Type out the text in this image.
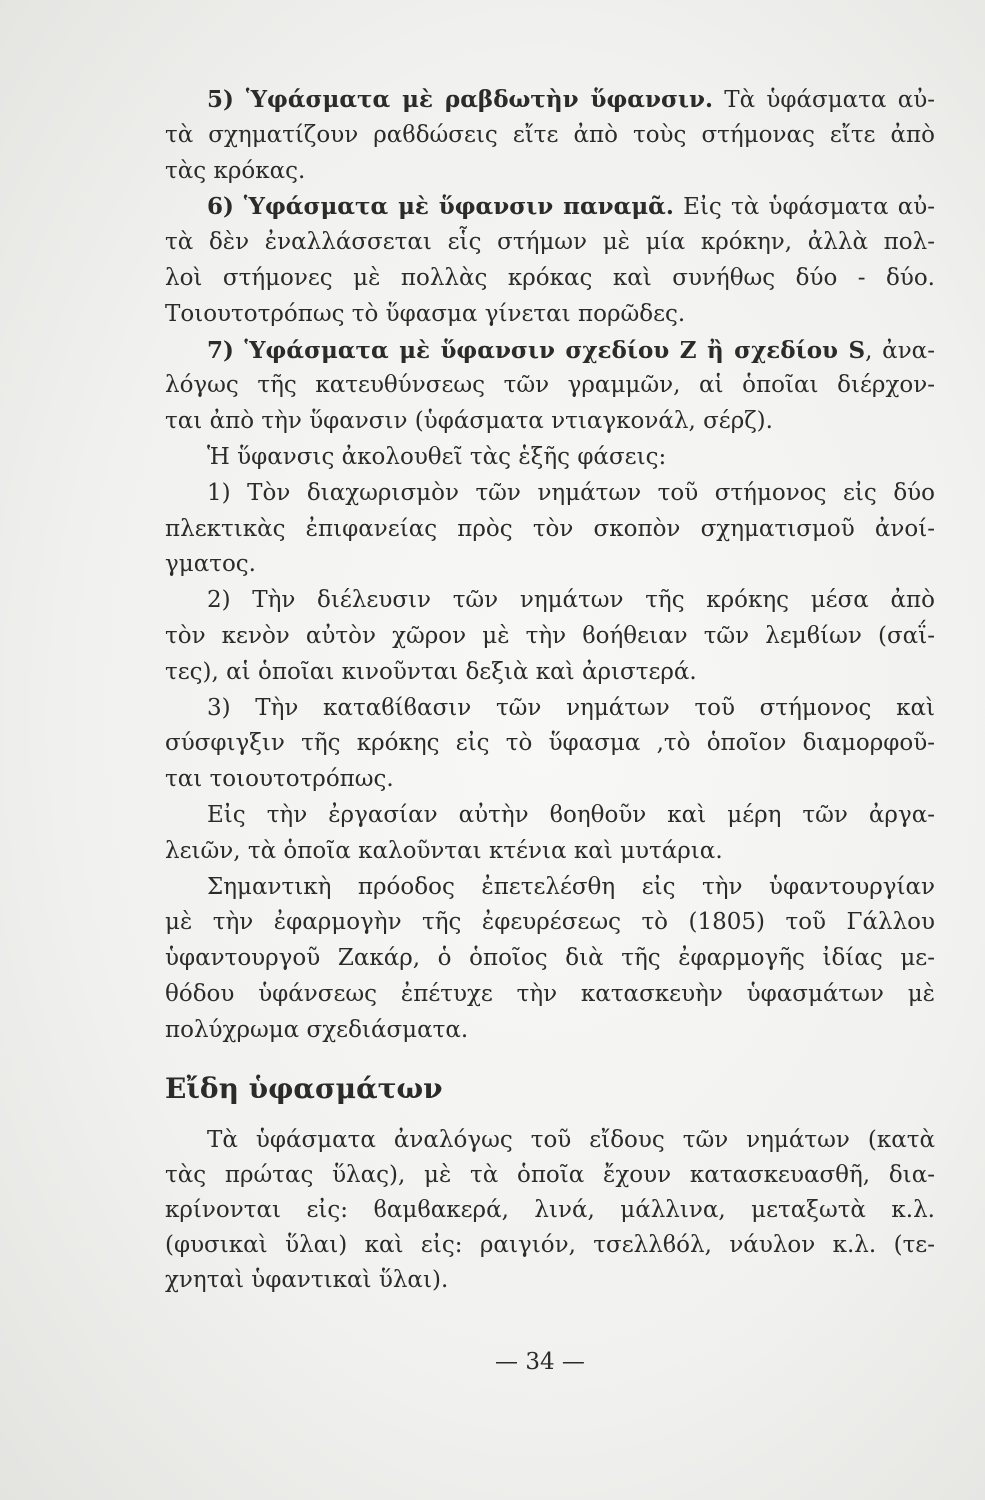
5) Ὑφάσματα μὲ ραβδωτὴν ὕφανσιν. Τὰ ὑφάσματα αὐ-
τὰ σχηματίζουν ραϐδώσεις εἴτε ἀπὸ τοὺς στήμονας εἴτε ἀπὸ
τὰς κρόκας.
6) Ὑφάσματα μὲ ὕφανσιν παναμᾶ. Εἰς τὰ ὑφάσματα αὐ-
τὰ δὲν ἐναλλάσσεται εἷς στήμων μὲ μία κρόκην, ἀλλὰ πολ-
λοὶ στήμονες μὲ πολλὰς κρόκας καὶ συνήθως δύο - δύο.
Τοιουτοτρόπως τὸ ὕφασμα γίνεται πορῶδες.
7) Ὑφάσματα μὲ ὕφανσιν σχεδίου Ζ ἢ σχεδίου S, ἀνα-
λόγως τῆς κατευθύνσεως τῶν γραμμῶν, αἱ ὁποῖαι διέρχον-
ται ἀπὸ τὴν ὕφανσιν (ὑφάσματα ντιαγκονάλ, σέρζ).
Ἡ ὕφανσις ἀκολουθεῖ τὰς ἑξῆς φάσεις:
1) Τὸν διαχωρισμὸν τῶν νημάτων τοῦ στήμονος εἰς δύο
πλεκτικὰς ἐπιφανείας πρὸς τὸν σκοπὸν σχηματισμοῦ ἀνοί-
γματος.
2) Τὴν διέλευσιν τῶν νημάτων τῆς κρόκης μέσα ἀπὸ
τὸν κενὸν αὐτὸν χῶρον μὲ τὴν ϐοήθειαν τῶν λεμϐίων (σαΐ-
τες), αἱ ὁποῖαι κινοῦνται δεξιὰ καὶ ἀριστερά.
3) Τὴν καταϐίϐασιν τῶν νημάτων τοῦ στήμονος καὶ
σύσφιγξιν τῆς κρόκης εἰς τὸ ὕφασμα ,τὸ ὁποῖον διαμορφοῦ-
ται τοιουτοτρόπως.
Εἰς τὴν ἐργασίαν αὐτὴν ϐοηθοῦν καὶ μέρη τῶν ἀργα-
λειῶν, τὰ ὁποῖα καλοῦνται κτένια καὶ μυτάρια.
Σημαντικὴ πρόοδος ἐπετελέσθη εἰς τὴν ὑφαντουργίαν
μὲ τὴν ἐφαρμογὴν τῆς ἐφευρέσεως τὸ (1805) τοῦ Γάλλου
ὑφαντουργοῦ Ζακάρ, ὁ ὁποῖος διὰ τῆς ἐφαρμογῆς ἰδίας με-
θόδου ὑφάνσεως ἐπέτυχε τὴν κατασκευὴν ὑφασμάτων μὲ
πολύχρωμα σχεδιάσματα.
Εἴδη ὑφασμάτων
Τὰ ὑφάσματα ἀναλόγως τοῦ εἴδους τῶν νημάτων (κατὰ
τὰς πρώτας ὕλας), μὲ τὰ ὁποῖα ἔχουν κατασκευασθῆ, δια-
κρίνονται εἰς: ϐαμϐακερά, λινά, μάλλινα, μεταξωτὰ κ.λ.
(φυσικαὶ ὕλαι) καὶ εἰς: ραιγιόν, τσελλϐόλ, νάυλον κ.λ. (τε-
χνηταὶ ὑφαντικαὶ ὕλαι).
— 34 —
